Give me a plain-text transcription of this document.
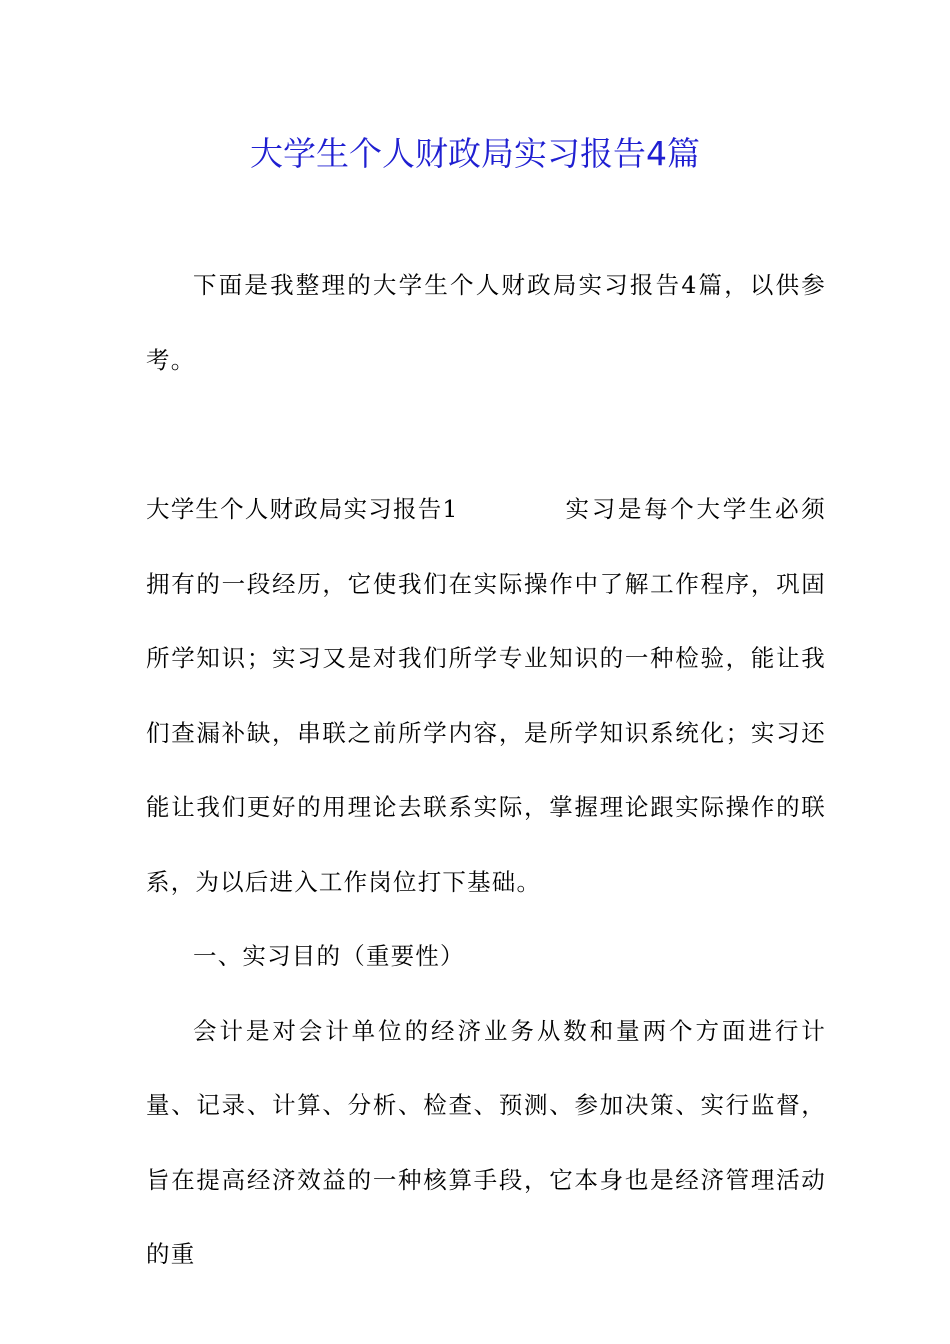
大学生个人财政局实习报告4篇

下面是我整理的大学生个人财政局实习报告4篇，以供参考。

大学生个人财政局实习报告1	实习是每个大学生必须拥有的一段经历，它使我们在实际操作中了解工作程序，巩固所学知识；实习又是对我们所学专业知识的一种检验，能让我们查漏补缺，串联之前所学内容，是所学知识系统化；实习还能让我们更好的用理论去联系实际，掌握理论跟实际操作的联系，为以后进入工作岗位打下基础。

一、实习目的（重要性）

会计是对会计单位的经济业务从数和量两个方面进行计量、记录、计算、分析、检查、预测、参加决策、实行监督，旨在提高经济效益的一种核算手段，它本身也是经济管理活动的重
